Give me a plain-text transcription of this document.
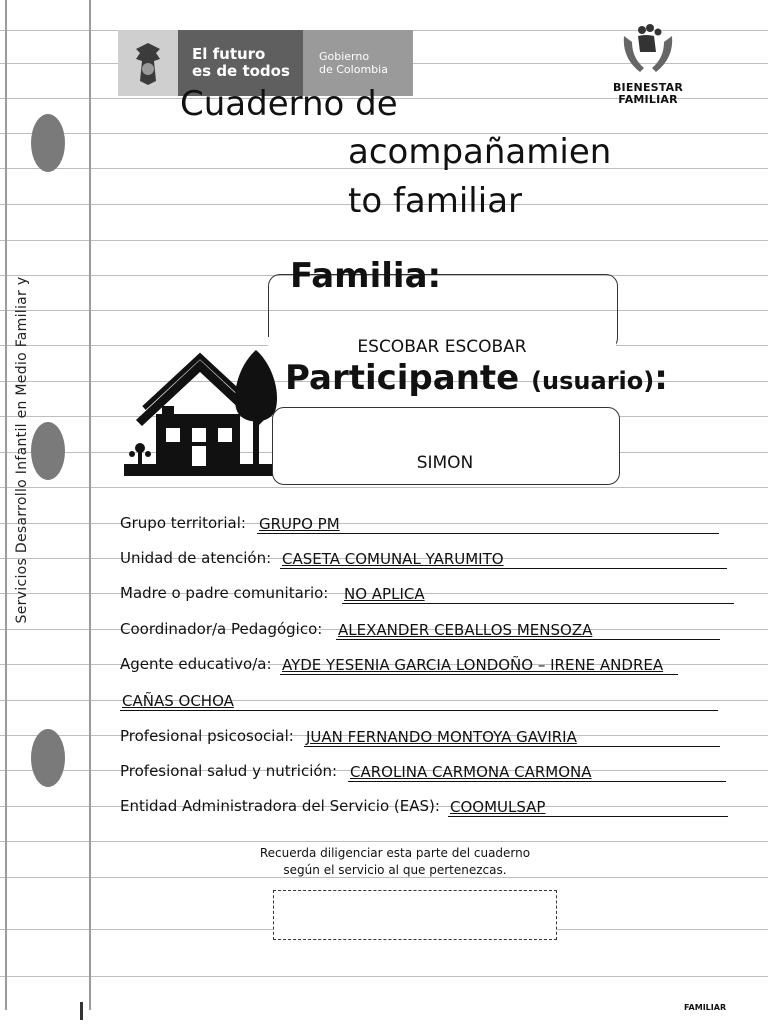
Servicios Desarrollo Infantil en Medio Familiar y
El futuro
es de todos
Gobierno
de Colombia
BIENESTAR
FAMILIAR
Cuaderno de
acompañamien
to familiar
Familia:
ESCOBAR ESCOBAR
Participante (usuario):
SIMON
Grupo territorial: GRUPO PM
Unidad de atención: CASETA COMUNAL YARUMITO
Madre o padre comunitario: NO APLICA
Coordinador/a Pedagógico: ALEXANDER CEBALLOS MENSOZA
Agente educativo/a: AYDE YESENIA GARCIA LONDOÑO – IRENE ANDREA
CAÑAS OCHOA
Profesional psicosocial: JUAN FERNANDO MONTOYA GAVIRIA
Profesional salud y nutrición: CAROLINA CARMONA CARMONA
Entidad Administradora del Servicio (EAS): COOMULSAP
Recuerda diligenciar esta parte del cuaderno
según el servicio al que pertenezcas.
FAMILIAR
